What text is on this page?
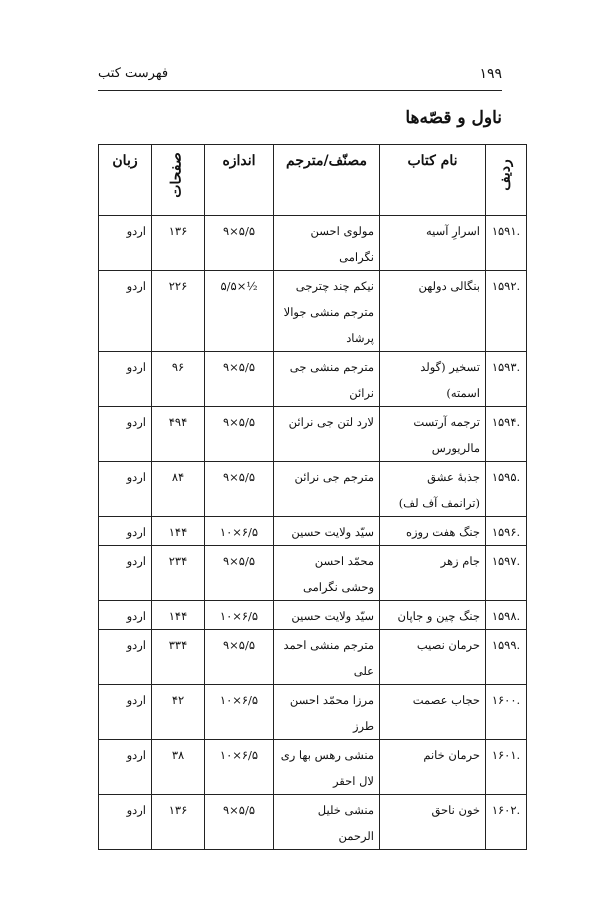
۱۹۹
فهرست کتب
ناول و قصّه‌ها
ردیف	نام کتاب	مصنّف/مترجم	اندازه	صفحات	زبان
.۱۵۹۱	اسرارِ آسیه	مولوی احسن نگرامی	۹×۵/۵	۱۳۶	اردو
.۱۵۹۲	بنگالی دولهن	نیکم چند چترجی مترجم منشی جوالا پرشاد	۵/۵×½	۲۲۶	اردو
.۱۵۹۳	تسخیر (گولد اسمته)	مترجم منشی جی نرائن	۹×۵/۵	۹۶	اردو
.۱۵۹۴	ترجمه آرتست مالریورس	لارد لتن جی نرائن	۹×۵/۵	۴۹۴	اردو
.۱۵۹۵	جذبهٔ عشق (ترانمف آف لف)	مترجم جی نرائن	۹×۵/۵	۸۴	اردو
.۱۵۹۶	جنگ هفت روزه	سیّد ولایت حسین	۱۰×۶/۵	۱۴۴	اردو
.۱۵۹۷	جام زهر	محمّد احسن وحشی نگرامی	۹×۵/۵	۲۳۴	اردو
.۱۵۹۸	جنگ چین و جاپان	سیّد ولایت حسین	۱۰×۶/۵	۱۴۴	اردو
.۱۵۹۹	حرمان نصیب	مترجم منشی احمد علی	۹×۵/۵	۳۳۴	اردو
.۱۶۰۰	حجاب عصمت	مرزا محمّد احسن طرز	۱۰×۶/۵	۴۲	اردو
.۱۶۰۱	حرمان خانم	منشی رهس بها ری لال احقر	۱۰×۶/۵	۳۸	اردو
.۱۶۰۲	خون ناحق	منشی خلیل الرحمن	۹×۵/۵	۱۳۶	اردو
